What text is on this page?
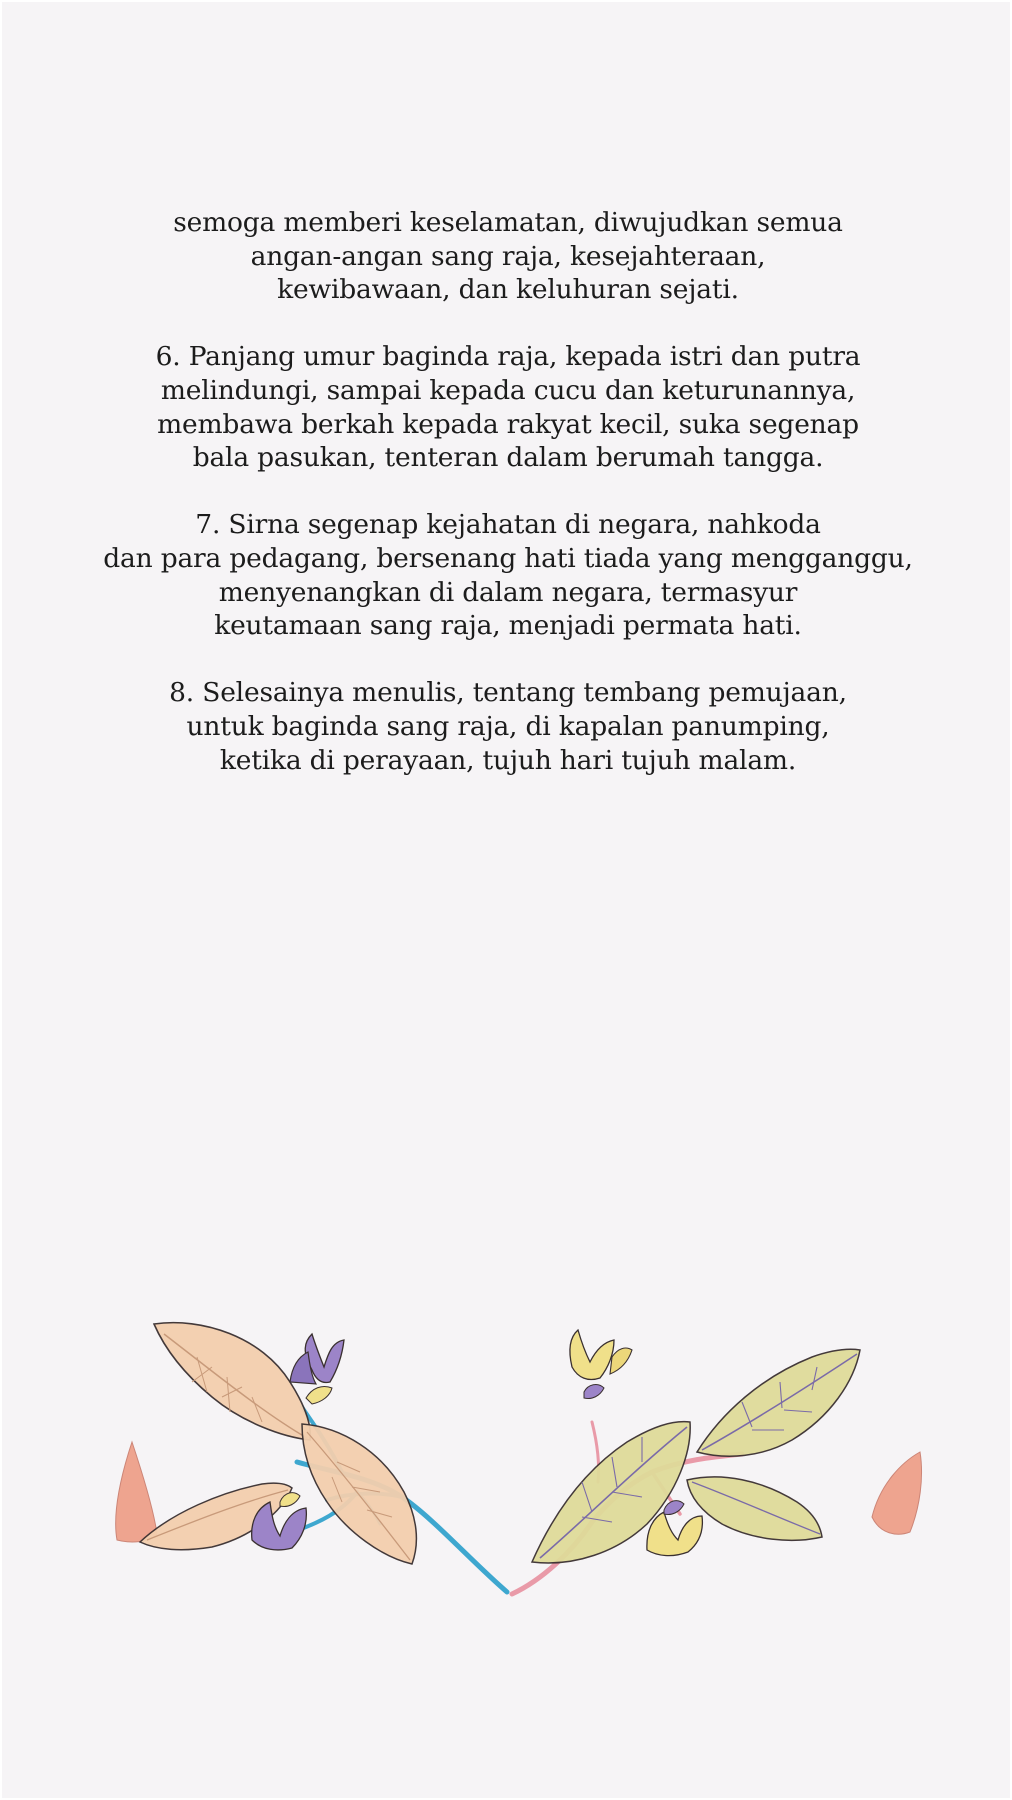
semoga memberi keselamatan, diwujudkan semua
angan-angan sang raja, kesejahteraan,
kewibawaan, dan keluhuran sejati.
6. Panjang umur baginda raja, kepada istri dan putra
melindungi, sampai kepada cucu dan keturunannya,
membawa berkah kepada rakyat kecil, suka segenap
bala pasukan, tenteran dalam berumah tangga.
7. Sirna segenap kejahatan di negara, nahkoda
dan para pedagang, bersenang hati tiada yang mengganggu,
menyenangkan di dalam negara, termasyur
keutamaan sang raja, menjadi permata hati.
8. Selesainya menulis, tentang tembang pemujaan,
untuk baginda sang raja, di kapalan panumping,
ketika di perayaan, tujuh hari tujuh malam.
